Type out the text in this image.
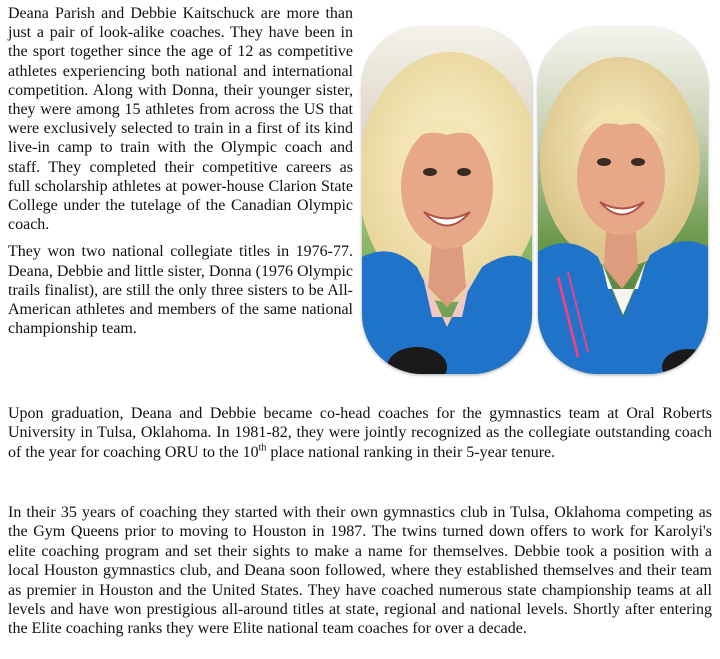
Deana Parish and Debbie Kaitschuck are more than just a pair of look-alike coaches. They have been in the sport together since the age of 12 as competitive athletes experiencing both national and international competition. Along with Donna, their younger sister, they were among 15 athletes from across the US that were exclusively selected to train in a first of its kind live-in camp to train with the Olympic coach and staff. They completed their competitive careers as full scholarship athletes at power-house Clarion State College under the tutelage of the Canadian Olympic coach.

They won two national collegiate titles in 1976-77. Deana, Debbie and little sister, Donna (1976 Olympic trails finalist), are still the only three sisters to be All-American athletes and members of the same national championship team.

Upon graduation, Deana and Debbie became co-head coaches for the gymnastics team at Oral Roberts University in Tulsa, Oklahoma. In 1981-82, they were jointly recognized as the collegiate outstanding coach of the year for coaching ORU to the 10th place national ranking in their 5-year tenure.

In their 35 years of coaching they started with their own gymnastics club in Tulsa, Oklahoma competing as the Gym Queens prior to moving to Houston in 1987. The twins turned down offers to work for Karolyi's elite coaching program and set their sights to make a name for themselves. Debbie took a position with a local Houston gymnastics club, and Deana soon followed, where they established themselves and their team as premier in Houston and the United States. They have coached numerous state championship teams at all levels and have won prestigious all-around titles at state, regional and national levels. Shortly after entering the Elite coaching ranks they were Elite national team coaches for over a decade.
